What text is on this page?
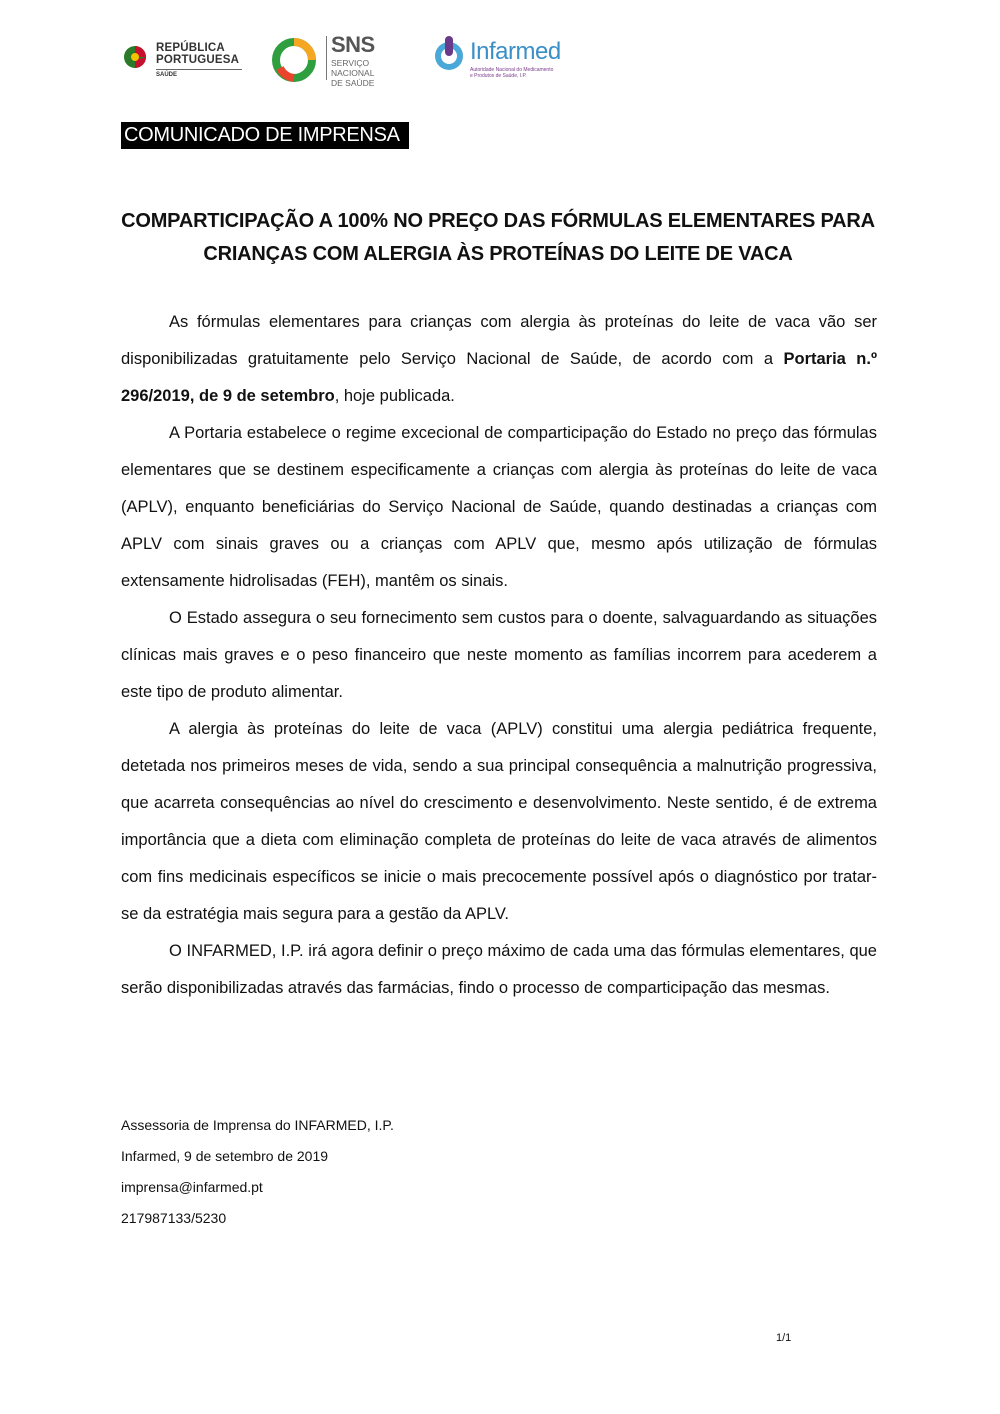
REPÚBLICA
PORTUGUESA
SAÚDE
SNS
SERVIÇO NACIONAL
DE SAÚDE
Infarmed
Autoridade Nacional do Medicamento
e Produtos de Saúde, I.P.
COMUNICADO DE IMPRENSA
COMPARTICIPAÇÃO A 100% NO PREÇO DAS FÓRMULAS ELEMENTARES PARA
CRIANÇAS COM ALERGIA ÀS PROTEÍNAS DO LEITE DE VACA

As fórmulas elementares para crianças com alergia às proteínas do leite de vaca vão ser disponibilizadas gratuitamente pelo Serviço Nacional de Saúde, de acordo com a Portaria n.º 296/2019, de 9 de setembro, hoje publicada.

A Portaria estabelece o regime excecional de comparticipação do Estado no preço das fórmulas elementares que se destinem especificamente a crianças com alergia às proteínas do leite de vaca (APLV), enquanto beneficiárias do Serviço Nacional de Saúde, quando destinadas a crianças com APLV com sinais graves ou a crianças com APLV que, mesmo após utilização de fórmulas extensamente hidrolisadas (FEH), mantêm os sinais.

O Estado assegura o seu fornecimento sem custos para o doente, salvaguardando as situações clínicas mais graves e o peso financeiro que neste momento as famílias incorrem para acederem a este tipo de produto alimentar.

A alergia às proteínas do leite de vaca (APLV) constitui uma alergia pediátrica frequente, detetada nos primeiros meses de vida, sendo a sua principal consequência a malnutrição progressiva, que acarreta consequências ao nível do crescimento e desenvolvimento. Neste sentido, é de extrema importância que a dieta com eliminação completa de proteínas do leite de vaca através de alimentos com fins medicinais específicos se inicie o mais precocemente possível após o diagnóstico por tratar-se da estratégia mais segura para a gestão da APLV.

O INFARMED, I.P. irá agora definir o preço máximo de cada uma das fórmulas elementares, que serão disponibilizadas através das farmácias, findo o processo de comparticipação das mesmas.

Assessoria de Imprensa do INFARMED, I.P.
Infarmed, 9 de setembro de 2019
imprensa@infarmed.pt
217987133/5230
1/1
